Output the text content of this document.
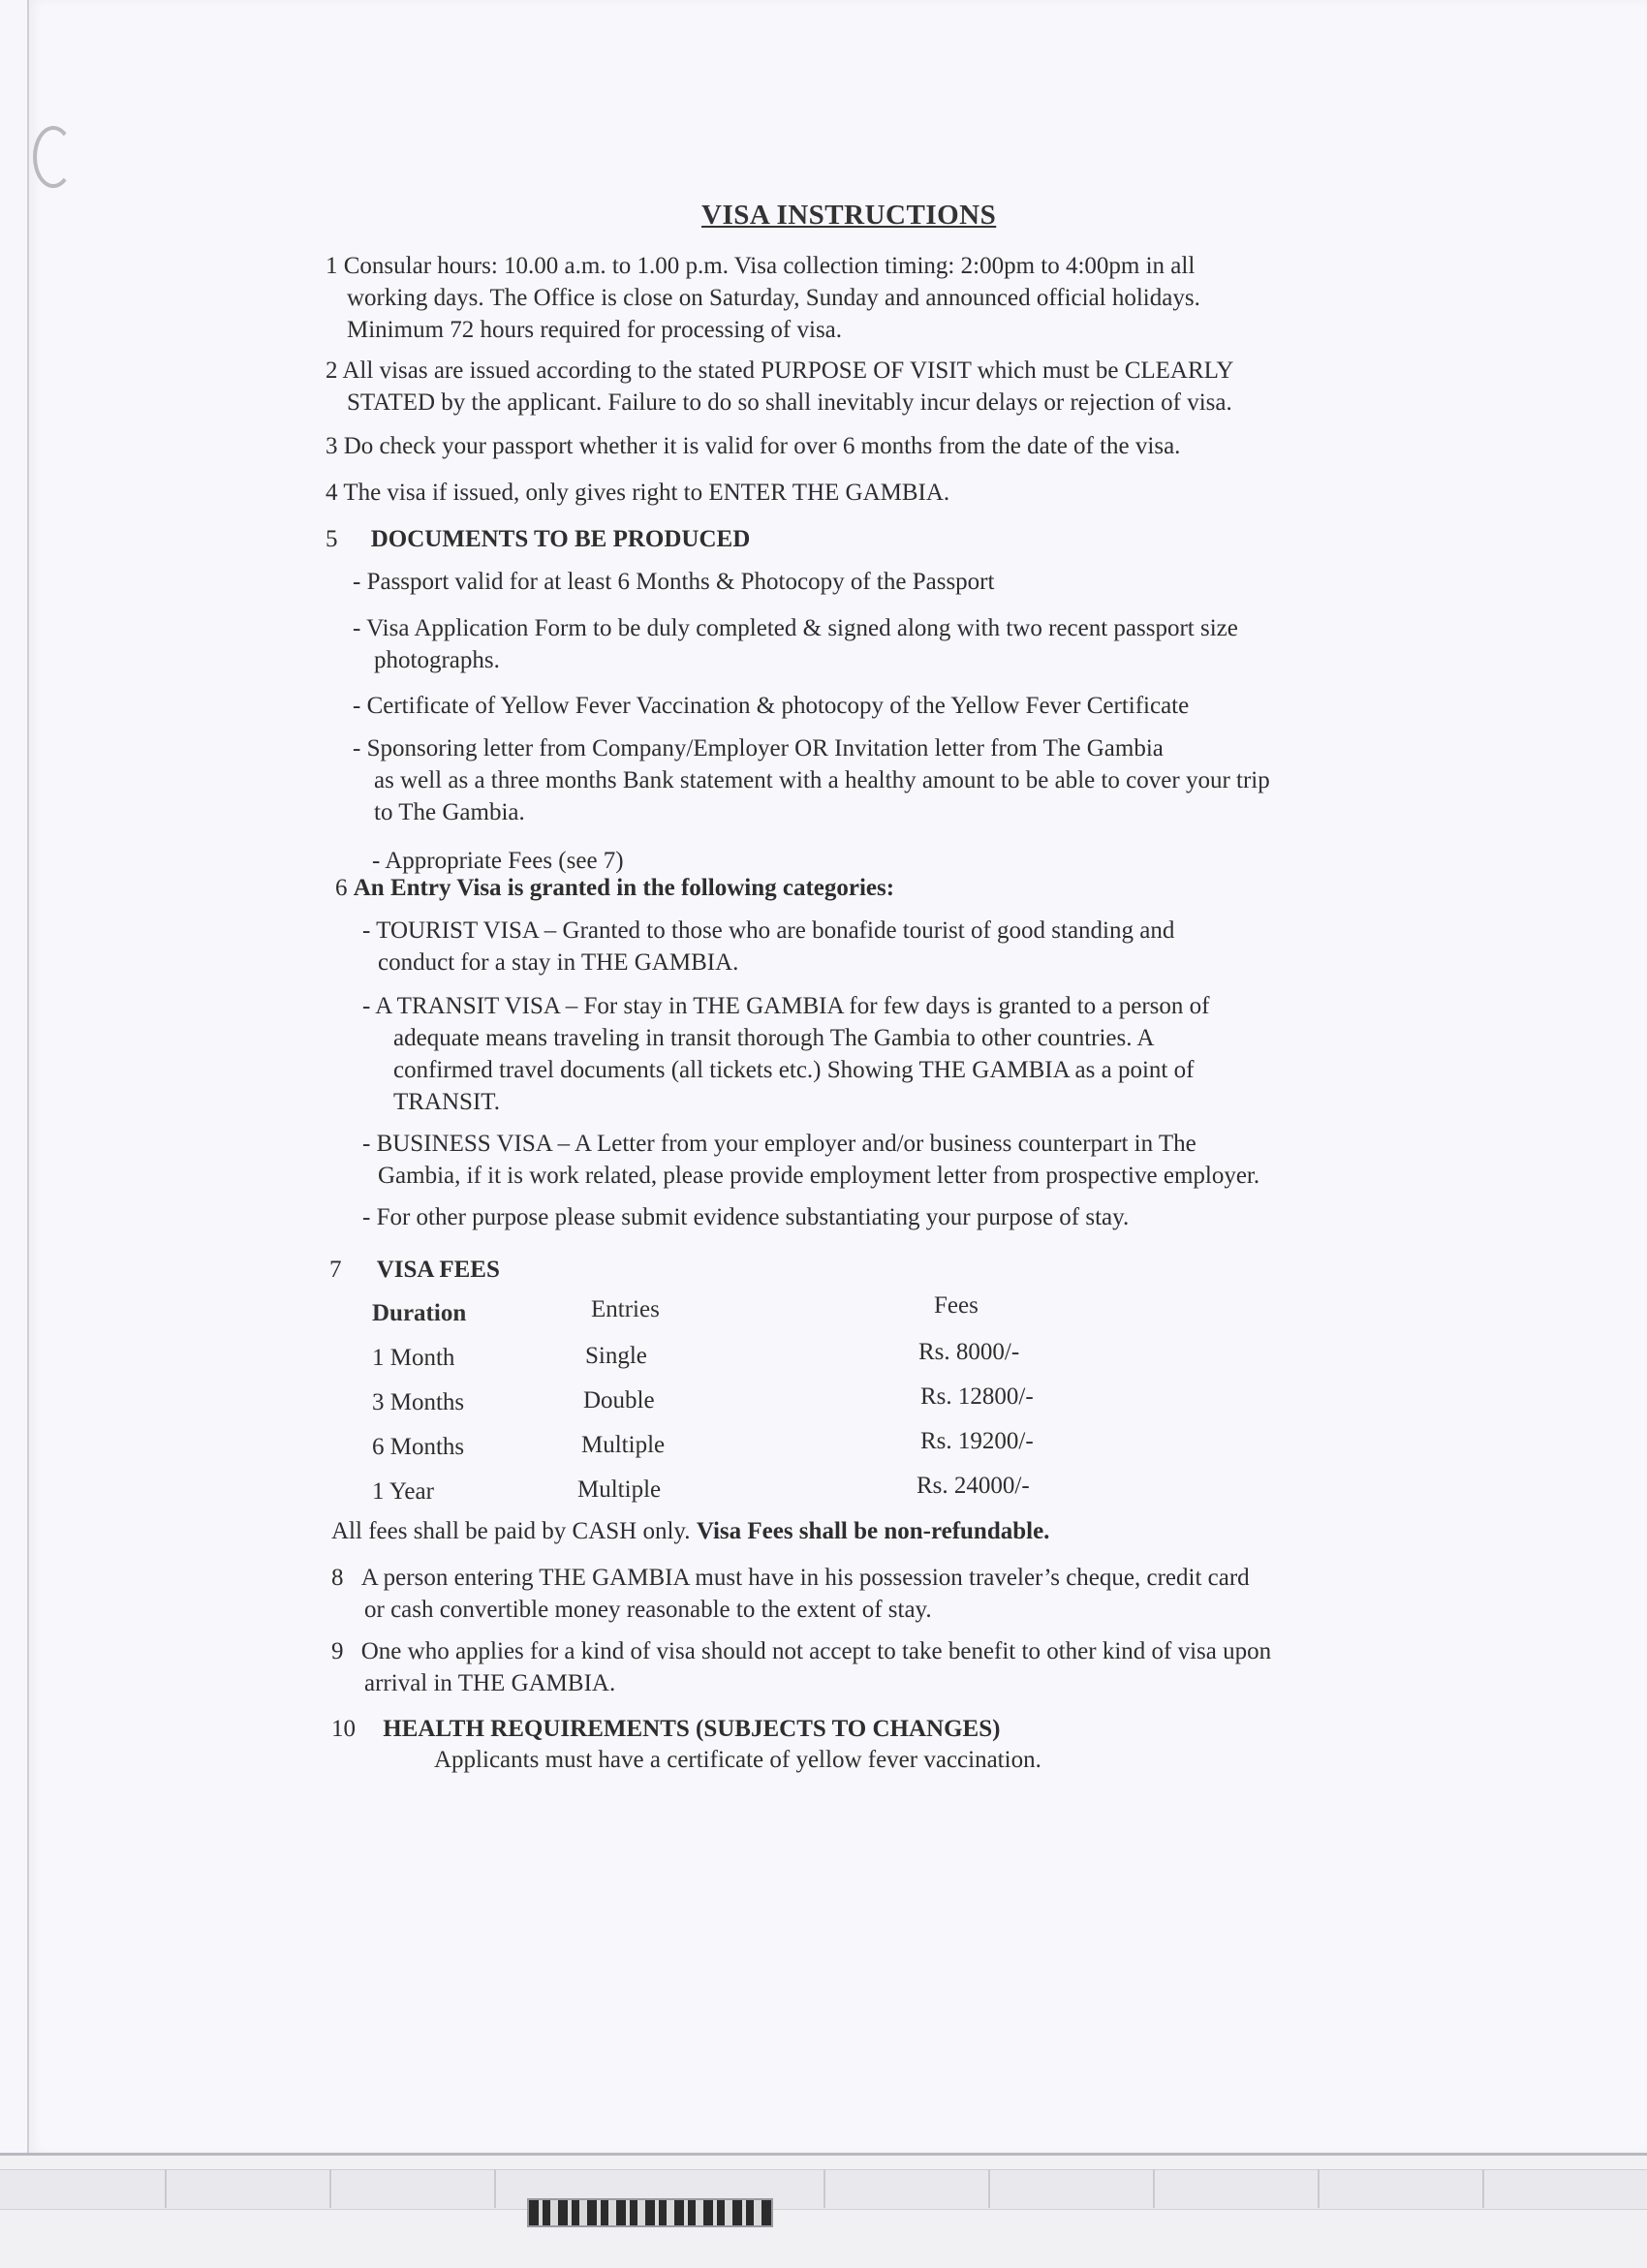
VISA INSTRUCTIONS
1 Consular hours: 10.00 a.m. to 1.00 p.m. Visa collection timing: 2:00pm to 4:00pm in all
working days. The Office is close on Saturday, Sunday and announced official holidays.
Minimum 72 hours required for processing of visa.
2 All visas are issued according to the stated PURPOSE OF VISIT which must be CLEARLY
STATED by the applicant. Failure to do so shall inevitably incur delays or rejection of visa.
3 Do check your passport whether it is valid for over 6 months from the date of the visa.
4 The visa if issued, only gives right to ENTER THE GAMBIA.
5 DOCUMENTS TO BE PRODUCED
- Passport valid for at least 6 Months & Photocopy of the Passport
- Visa Application Form to be duly completed & signed along with two recent passport size
photographs.
- Certificate of Yellow Fever Vaccination & photocopy of the Yellow Fever Certificate
- Sponsoring letter from Company/Employer OR Invitation letter from The Gambia
as well as a three months Bank statement with a healthy amount to be able to cover your trip
to The Gambia.
- Appropriate Fees (see 7)
6 An Entry Visa is granted in the following categories:
- TOURIST VISA – Granted to those who are bonafide tourist of good standing and
conduct for a stay in THE GAMBIA.
- A TRANSIT VISA – For stay in THE GAMBIA for few days is granted to a person of
adequate means traveling in transit thorough The Gambia to other countries. A
confirmed travel documents (all tickets etc.) Showing THE GAMBIA as a point of
TRANSIT.
- BUSINESS VISA – A Letter from your employer and/or business counterpart in The
Gambia, if it is work related, please provide employment letter from prospective employer.
- For other purpose please submit evidence substantiating your purpose of stay.
7 VISA FEES
Duration	Entries	Fees
1 Month	Single	Rs. 8000/-
3 Months	Double	Rs. 12800/-
6 Months	Multiple	Rs. 19200/-
1 Year	Multiple	Rs. 24000/-
All fees shall be paid by CASH only. Visa Fees shall be non-refundable.
8 A person entering THE GAMBIA must have in his possession traveler’s cheque, credit card
or cash convertible money reasonable to the extent of stay.
9 One who applies for a kind of visa should not accept to take benefit to other kind of visa upon
arrival in THE GAMBIA.
10 HEALTH REQUIREMENTS (SUBJECTS TO CHANGES)
Applicants must have a certificate of yellow fever vaccination.
